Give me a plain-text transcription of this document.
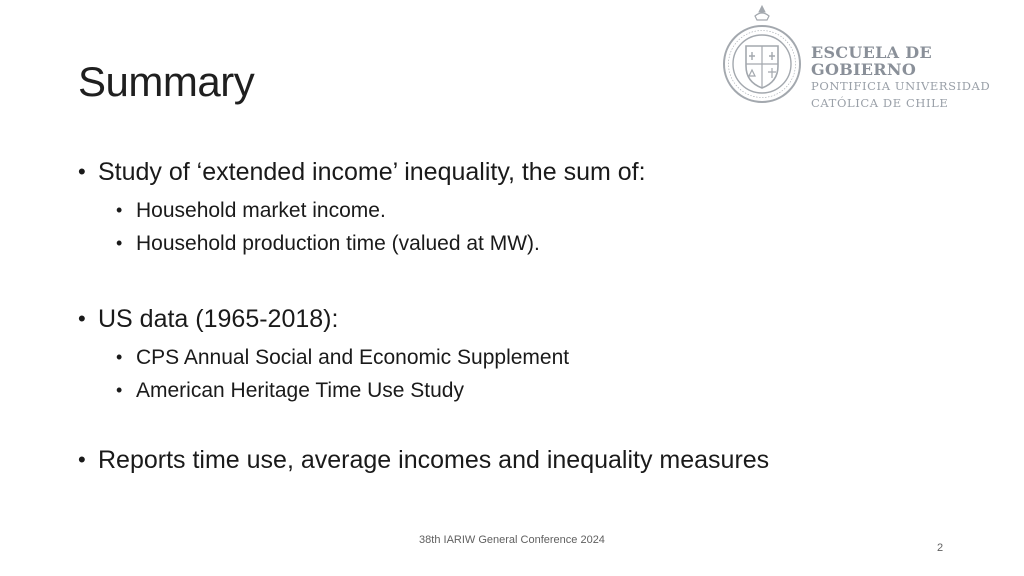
Summary
ESCUELA DE GOBIERNO
PONTIFICIA UNIVERSIDAD
CATÓLICA DE CHILE
• Study of ‘extended income’ inequality, the sum of:
• Household market income.
• Household production time (valued at MW).
• US data (1965-2018):
• CPS Annual Social and Economic Supplement
• American Heritage Time Use Study
• Reports time use, average incomes and inequality measures
38th IARIW General Conference 2024
2
